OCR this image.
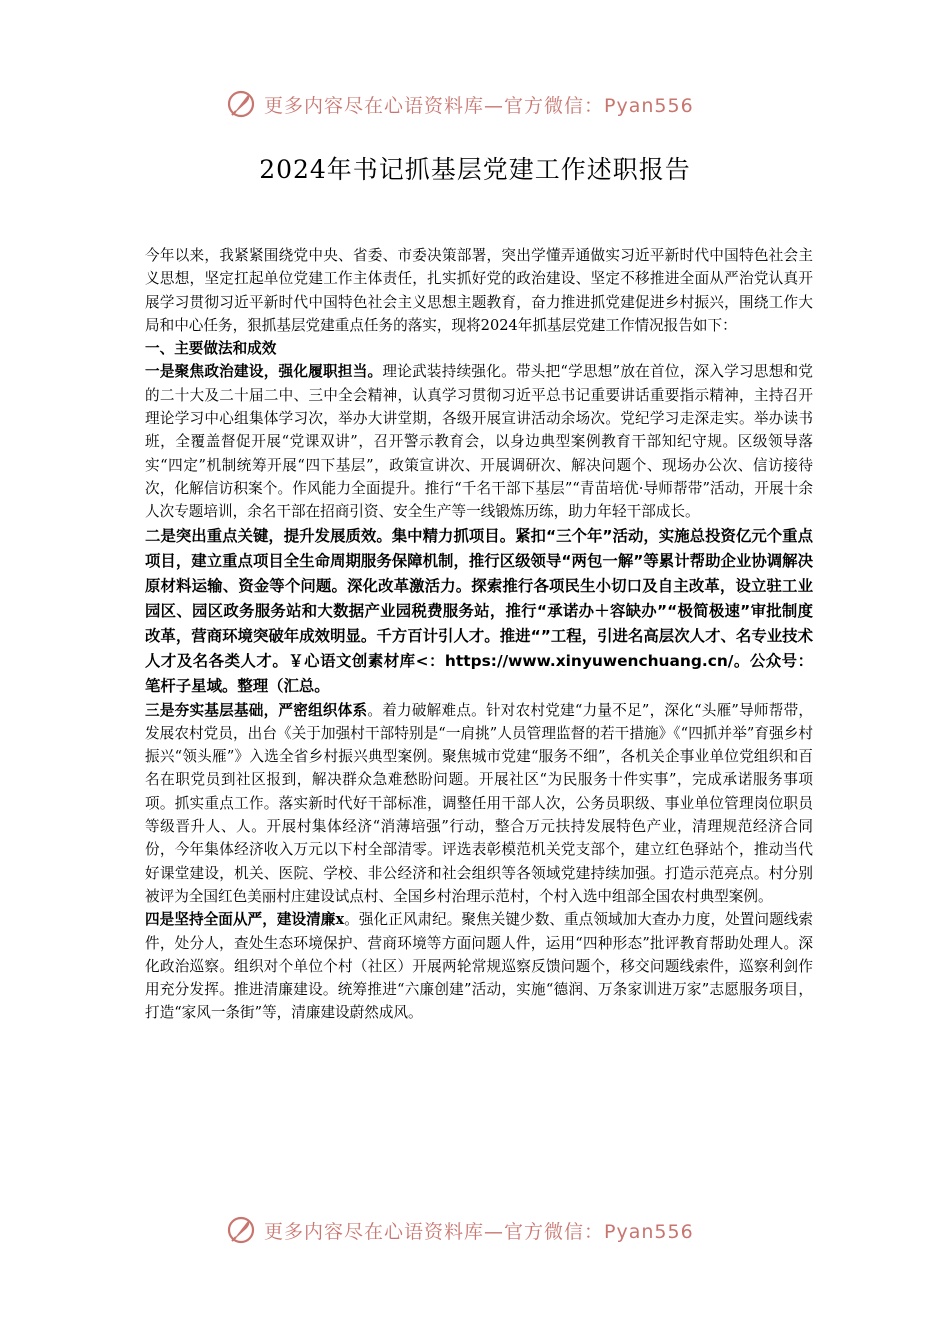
更多内容尽在心语资料库—官方微信：Pyan556
2024年书记抓基层党建工作述职报告

今年以来，我紧紧围绕党中央、省委、市委决策部署，突出学懂弄通做实习近平新时代中国特色社会主义思想，坚定扛起单位党建工作主体责任，扎实抓好党的政治建设、坚定不移推进全面从严治党认真开展学习贯彻习近平新时代中国特色社会主义思想主题教育，奋力推进抓党建促进乡村振兴，围绕工作大局和中心任务，狠抓基层党建重点任务的落实，现将2024年抓基层党建工作情况报告如下：

一、主要做法和成效

一是聚焦政治建设，强化履职担当。理论武装持续强化。带头把“学思想”放在首位，深入学习思想和党的二十大及二十届二中、三中全会精神，认真学习贯彻习近平总书记重要讲话重要指示精神，主持召开理论学习中心组集体学习次，举办大讲堂期，各级开展宣讲活动余场次。党纪学习走深走实。举办读书班，全覆盖督促开展“党课双讲”，召开警示教育会，以身边典型案例教育干部知纪守规。区级领导落实“四定”机制统筹开展“四下基层”，政策宣讲次、开展调研次、解决问题个、现场办公次、信访接待次，化解信访积案个。作风能力全面提升。推行“千名干部下基层”“青苗培优·导师帮带”活动，开展十余人次专题培训，余名干部在招商引资、安全生产等一线锻炼历练，助力年轻干部成长。

二是突出重点关键，提升发展质效。集中精力抓项目。紧扣“三个年”活动，实施总投资亿元个重点项目，建立重点项目全生命周期服务保障机制，推行区级领导“两包一解”等累计帮助企业协调解决原材料运输、资金等个问题。深化改革激活力。探索推行各项民生小切口及自主改革，设立驻工业园区、园区政务服务站和大数据产业园税费服务站，推行“承诺办＋容缺办”“极简极速”审批制度改革，营商环境突破年成效明显。千方百计引人才。推进“”工程，引进名高层次人才、名专业技术人才及名各类人才。￥心语文创素材库<：https://www.xinyuwenchuang.cn/。公众号：笔杆子星域。整理（汇总。

三是夯实基层基础，严密组织体系。着力破解难点。针对农村党建“力量不足”，深化“头雁”导师帮带，发展农村党员，出台《关于加强村干部特别是“一肩挑”人员管理监督的若干措施》《“四抓并举”育强乡村振兴“领头雁”》入选全省乡村振兴典型案例。聚焦城市党建“服务不细”，各机关企事业单位党组织和百名在职党员到社区报到，解决群众急难愁盼问题。开展社区“为民服务十件实事”，完成承诺服务事项项。抓实重点工作。落实新时代好干部标准，调整任用干部人次，公务员职级、事业单位管理岗位职员等级晋升人、人。开展村集体经济“消薄培强”行动，整合万元扶持发展特色产业，清理规范经济合同份，今年集体经济收入万元以下村全部清零。评选表彰模范机关党支部个，建立红色驿站个，推动当代好课堂建设，机关、医院、学校、非公经济和社会组织等各领域党建持续加强。打造示范亮点。村分别被评为全国红色美丽村庄建设试点村、全国乡村治理示范村，个村入选中组部全国农村典型案例。

四是坚持全面从严，建设清廉x。强化正风肃纪。聚焦关键少数、重点领域加大查办力度，处置问题线索件，处分人，查处生态环境保护、营商环境等方面问题人件，运用“四种形态”批评教育帮助处理人。深化政治巡察。组织对个单位个村（社区）开展两轮常规巡察反馈问题个，移交问题线索件，巡察利剑作用充分发挥。推进清廉建设。统筹推进“六廉创建”活动，实施“德润、万条家训进万家”志愿服务项目，打造“家风一条街”等，清廉建设蔚然成风。

更多内容尽在心语资料库—官方微信：Pyan556
